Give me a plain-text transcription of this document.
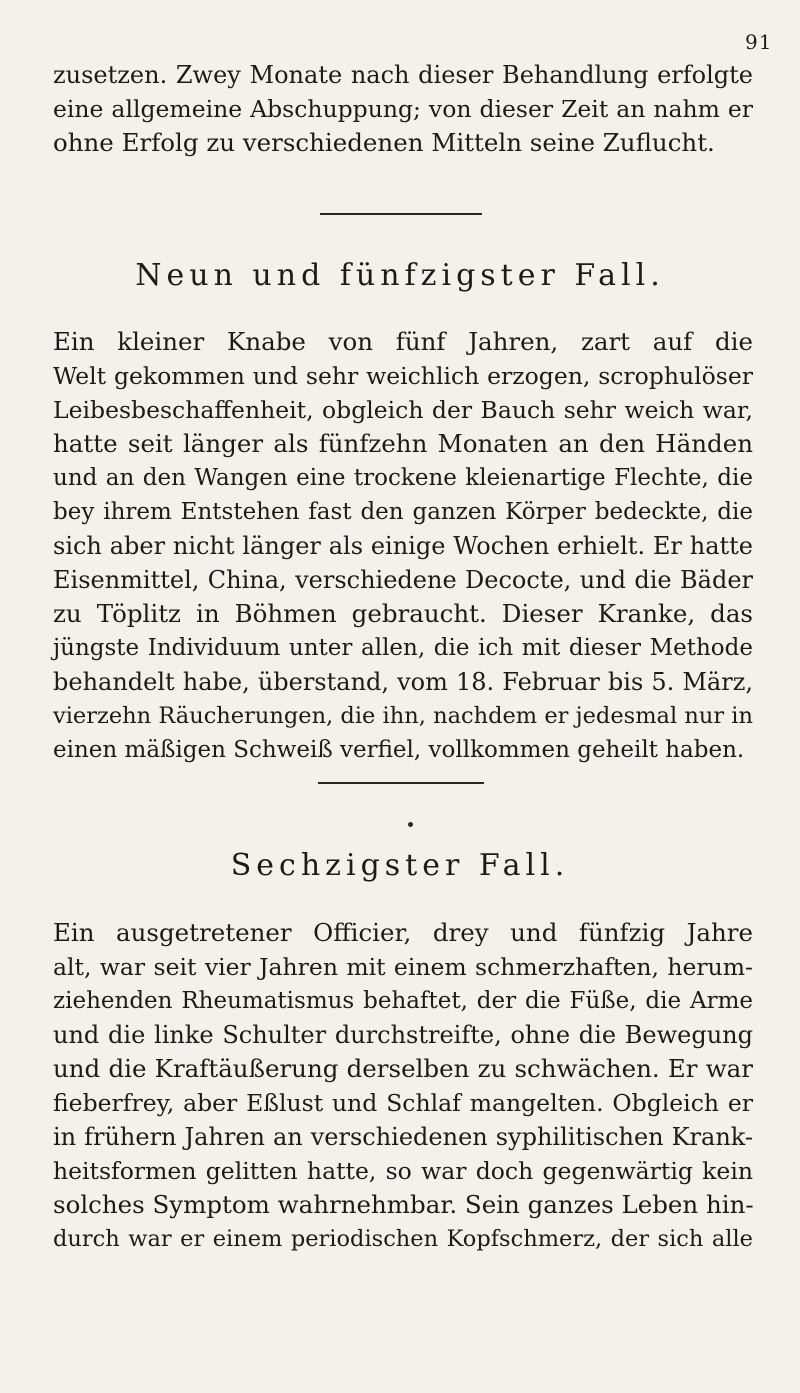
91
zusetzen. Zwey Monate nach dieser Behandlung erfolgte
eine allgemeine Abschuppung; von dieser Zeit an nahm er
ohne Erfolg zu verschiedenen Mitteln seine Zuflucht.
Neun und fünfzigster Fall.
Ein kleiner Knabe von fünf Jahren, zart auf die
Welt gekommen und sehr weichlich erzogen, scrophulöser
Leibesbeschaffenheit, obgleich der Bauch sehr weich war,
hatte seit länger als fünfzehn Monaten an den Händen
und an den Wangen eine trockene kleienartige Flechte, die
bey ihrem Entstehen fast den ganzen Körper bedeckte, die
sich aber nicht länger als einige Wochen erhielt. Er hatte
Eisenmittel, China, verschiedene Decocte, und die Bäder
zu Töplitz in Böhmen gebraucht. Dieser Kranke, das
jüngste Individuum unter allen, die ich mit dieser Methode
behandelt habe, überstand, vom 18. Februar bis 5. März,
vierzehn Räucherungen, die ihn, nachdem er jedesmal nur in
einen mäßigen Schweiß verfiel, vollkommen geheilt haben.
Sechzigster Fall.
Ein ausgetretener Officier, drey und fünfzig Jahre
alt, war seit vier Jahren mit einem schmerzhaften, herum-
ziehenden Rheumatismus behaftet, der die Füße, die Arme
und die linke Schulter durchstreifte, ohne die Bewegung
und die Kraftäußerung derselben zu schwächen. Er war
fieberfrey, aber Eßlust und Schlaf mangelten. Obgleich er
in frühern Jahren an verschiedenen syphilitischen Krank-
heitsformen gelitten hatte, so war doch gegenwärtig kein
solches Symptom wahrnehmbar. Sein ganzes Leben hin-
durch war er einem periodischen Kopfschmerz, der sich alle
